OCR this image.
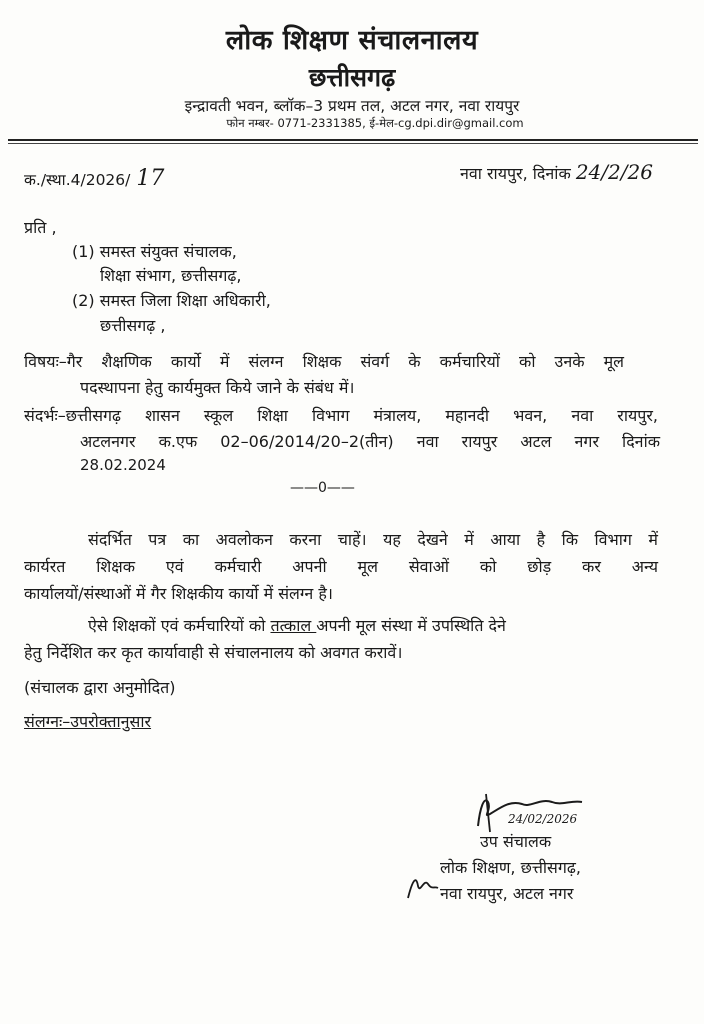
लोक शिक्षण संचालनालय
छत्तीसगढ़
इन्द्रावती भवन, ब्लॉक–3 प्रथम तल, अटल नगर, नवा रायपुर
फोन नम्बर- 0771-2331385, ई-मेल-cg.dpi.dir@gmail.com
क./स्था.4/2026/ 17	नवा रायपुर, दिनांक 24/2/26
प्रति ,
(1) समस्त संयुक्त संचालक,
शिक्षा संभाग, छत्तीसगढ़,
(2) समस्त जिला शिक्षा अधिकारी,
छत्तीसगढ़ ,
विषयः–गैर शैक्षणिक कार्यो में संलग्न शिक्षक संवर्ग के कर्मचारियों को उनके मूल
पदस्थापना हेतु कार्यमुक्त किये जाने के संबंध में।
संदर्भः–छत्तीसगढ़ शासन स्कूल शिक्षा विभाग मंत्रालय, महानदी भवन, नवा रायपुर,
अटलनगर क.एफ 02–06/2014/20–2(तीन) नवा रायपुर अटल नगर दिनांक
28.02.2024
——0——
संदर्भित पत्र का अवलोकन करना चाहें। यह देखने में आया है कि विभाग में
कार्यरत शिक्षक एवं कर्मचारी अपनी मूल सेवाओं को छोड़ कर अन्य
कार्यालयों/संस्थाओं में गैर शिक्षकीय कार्यो में संलग्न है।
ऐसे शिक्षकों एवं कर्मचारियों को तत्काल अपनी मूल संस्था में उपस्थिति देने
हेतु निर्देशित कर कृत कार्यावाही से संचालनालय को अवगत करावें।
(संचालक द्वारा अनुमोदित)
संलग्नः–उपरोक्तानुसार
24/02/2026
उप संचालक
लोक शिक्षण, छत्तीसगढ़,
नवा रायपुर, अटल नगर
